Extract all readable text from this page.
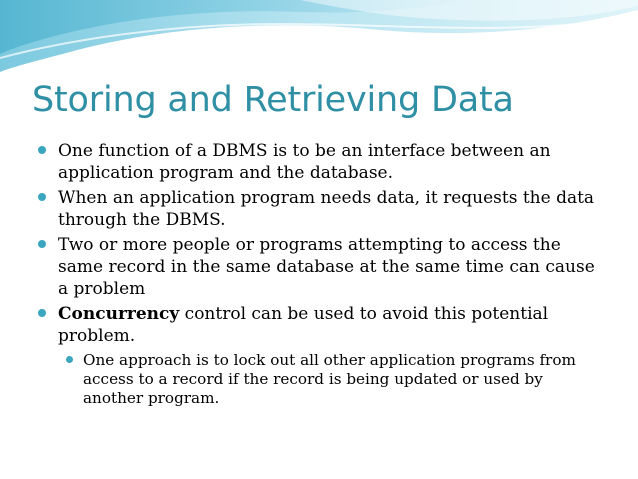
Storing and Retrieving Data
One function of a DBMS is to be an interface between an application program and the database.
When an application program needs data, it requests the data through the DBMS.
Two or more people or programs attempting to access the same record in the same database at the same time can cause a problem
Concurrency control can be used to avoid this potential problem.
One approach is to lock out all other application programs from access to a record if the record is being updated or used by another program.
